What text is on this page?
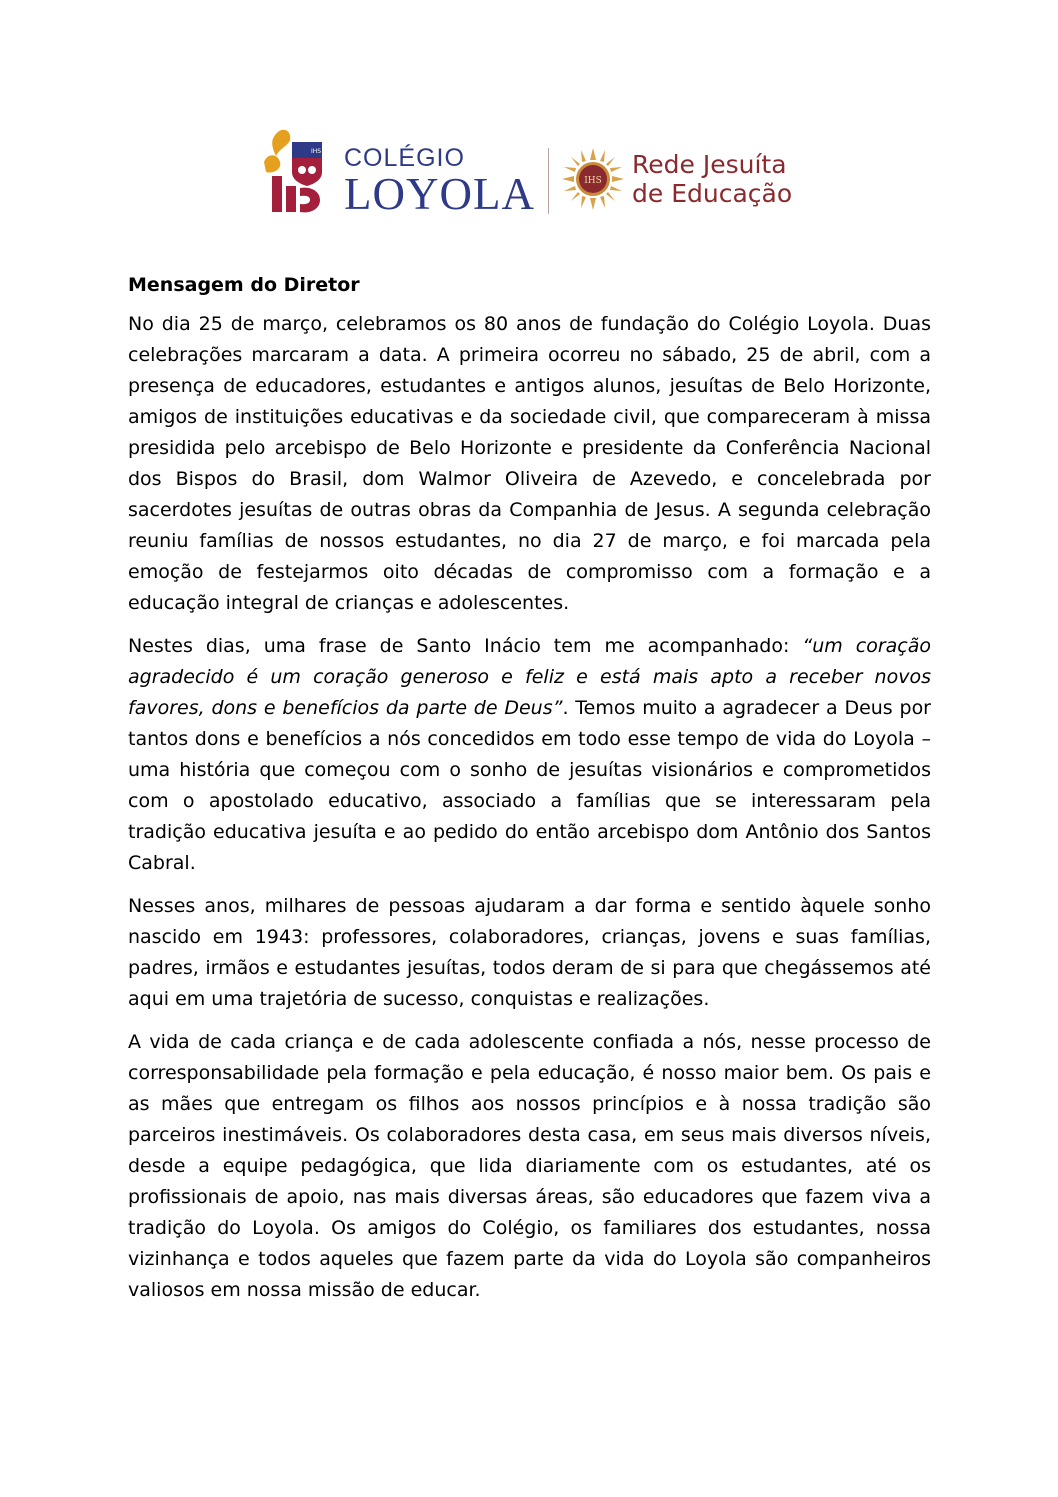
IHS COLÉGIO
LOYOLA	IHS
Rede Jesuíta
de Educação
Mensagem do Diretor

No dia 25 de março, celebramos os 80 anos de fundação do Colégio Loyola. Duas celebrações marcaram a data. A primeira ocorreu no sábado, 25 de abril, com a presença de educadores, estudantes e antigos alunos, jesuítas de Belo Horizonte, amigos de instituições educativas e da sociedade civil, que compareceram à missa presidida pelo arcebispo de Belo Horizonte e presidente da Conferência Nacional dos Bispos do Brasil, dom Walmor Oliveira de Azevedo, e concelebrada por sacerdotes jesuítas de outras obras da Companhia de Jesus. A segunda celebração reuniu famílias de nossos estudantes, no dia 27 de março, e foi marcada pela emoção de festejarmos oito décadas de compromisso com a formação e a educação integral de crianças e adolescentes.

Nestes dias, uma frase de Santo Inácio tem me acompanhado: “um coração agradecido é um coração generoso e feliz e está mais apto a receber novos favores, dons e benefícios da parte de Deus”. Temos muito a agradecer a Deus por tantos dons e benefícios a nós concedidos em todo esse tempo de vida do Loyola – uma história que começou com o sonho de jesuítas visionários e comprometidos com o apostolado educativo, associado a famílias que se interessaram pela tradição educativa jesuíta e ao pedido do então arcebispo dom Antônio dos Santos Cabral.

Nesses anos, milhares de pessoas ajudaram a dar forma e sentido àquele sonho nascido em 1943: professores, colaboradores, crianças, jovens e suas famílias, padres, irmãos e estudantes jesuítas, todos deram de si para que chegássemos até aqui em uma trajetória de sucesso, conquistas e realizações.

A vida de cada criança e de cada adolescente confiada a nós, nesse processo de corresponsabilidade pela formação e pela educação, é nosso maior bem. Os pais e as mães que entregam os filhos aos nossos princípios e à nossa tradição são parceiros inestimáveis. Os colaboradores desta casa, em seus mais diversos níveis, desde a equipe pedagógica, que lida diariamente com os estudantes, até os profissionais de apoio, nas mais diversas áreas, são educadores que fazem viva a tradição do Loyola. Os amigos do Colégio, os familiares dos estudantes, nossa vizinhança e todos aqueles que fazem parte da vida do Loyola são companheiros valiosos em nossa missão de educar.
